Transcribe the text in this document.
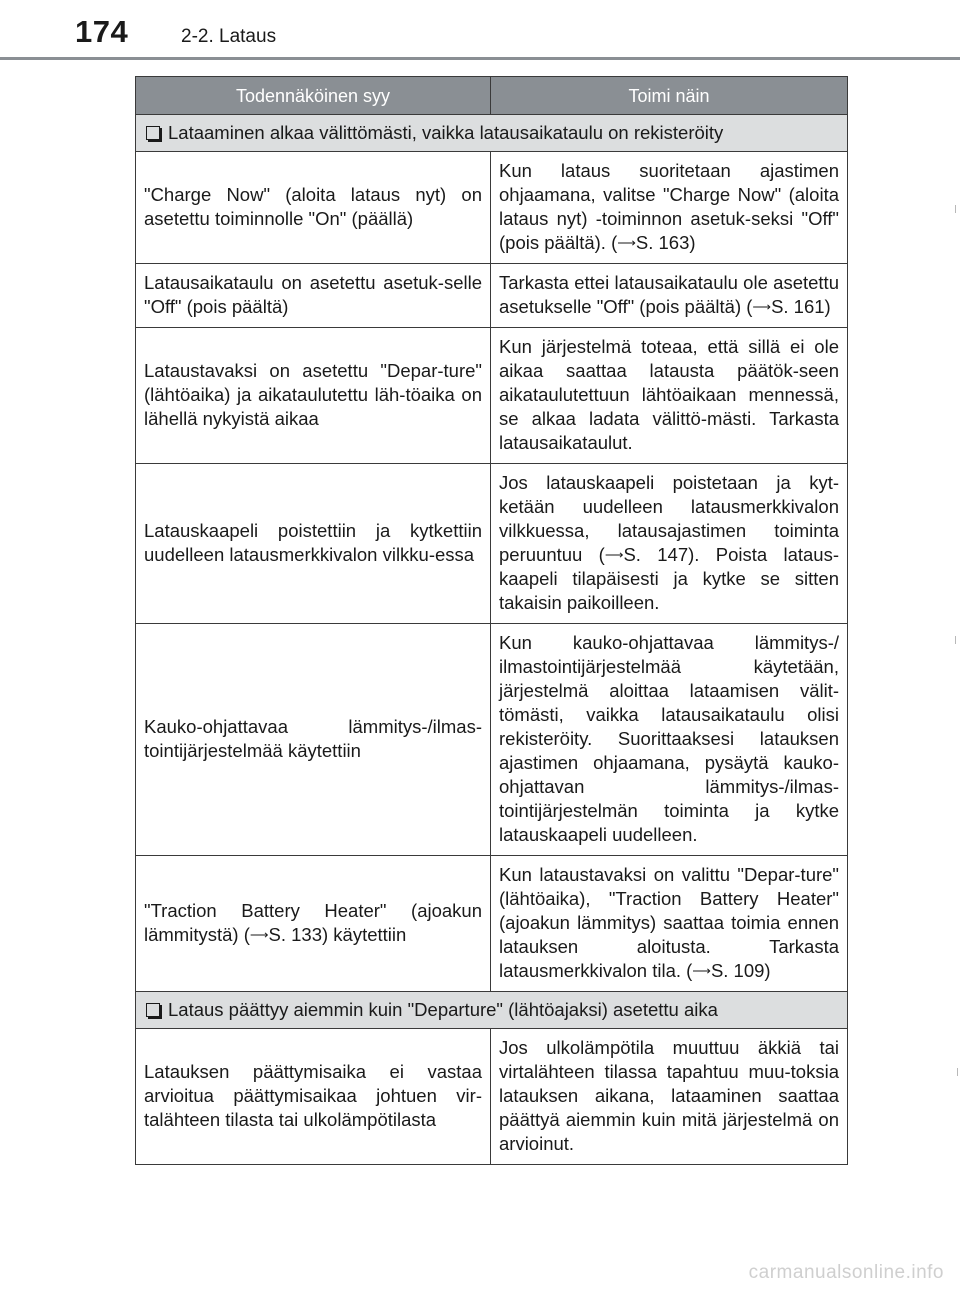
174	2-2. Lataus
Todennäköinen syy	Toimi näin
Lataaminen alkaa välittömästi, vaikka latausaikataulu on rekisteröity	
"Charge Now" (aloita lataus nyt) on asetettu toiminnolle "On" (päällä)	Kun lataus suoritetaan ajastimen ohjaamana, valitse "Charge Now" (aloita lataus nyt) -toiminnon asetuk-seksi "Off" (pois päältä). (⟶S. 163)
Latausaikataulu on asetettu asetuk-selle "Off" (pois päältä)	Tarkasta ettei latausaikataulu ole asetettu asetukselle "Off" (pois päältä) (⟶S. 161)
Lataustavaksi on asetettu "Depar-ture" (lähtöaika) ja aikataulutettu läh-töaika on lähellä nykyistä aikaa	Kun järjestelmä toteaa, että sillä ei ole aikaa saattaa latausta päätök-seen aikataulutettuun lähtöaikaan mennessä, se alkaa ladata välittö-mästi. Tarkasta latausaikataulut.
Latauskaapeli poistettiin ja kytkettiin uudelleen latausmerkkivalon vilkku-essa	Jos latauskaapeli poistetaan ja kyt-ketään uudelleen latausmerkkivalon vilkkuessa, latausajastimen toiminta peruuntuu (⟶S. 147). Poista lataus-kaapeli tilapäisesti ja kytke se sitten takaisin paikoilleen.
Kauko-ohjattavaa lämmitys-/ilmas-tointijärjestelmää käytettiin	Kun kauko-ohjattavaa lämmitys-/ ilmastointijärjestelmää käytetään, järjestelmä aloittaa lataamisen välit-tömästi, vaikka latausaikataulu olisi rekisteröity. Suorittaaksesi latauksen ajastimen ohjaamana, pysäytä kauko-ohjattavan lämmitys-/ilmas-tointijärjestelmän toiminta ja kytke latauskaapeli uudelleen.
"Traction Battery Heater" (ajoakun lämmitystä) (⟶S. 133) käytettiin	Kun lataustavaksi on valittu "Depar-ture" (lähtöaika), "Traction Battery Heater" (ajoakun lämmitys) saattaa toimia ennen latauksen aloitusta. Tarkasta latausmerkkivalon tila. (⟶S. 109)
Lataus päättyy aiemmin kuin "Departure" (lähtöajaksi) asetettu aika	
Latauksen päättymisaika ei vastaa arvioitua päättymisaikaa johtuen vir-talähteen tilasta tai ulkolämpötilasta	Jos ulkolämpötila muuttuu äkkiä tai virtalähteen tilassa tapahtuu muu-toksia latauksen aikana, lataaminen saattaa päättyä aiemmin kuin mitä järjestelmä on arvioinut.
carmanualsonline.info
